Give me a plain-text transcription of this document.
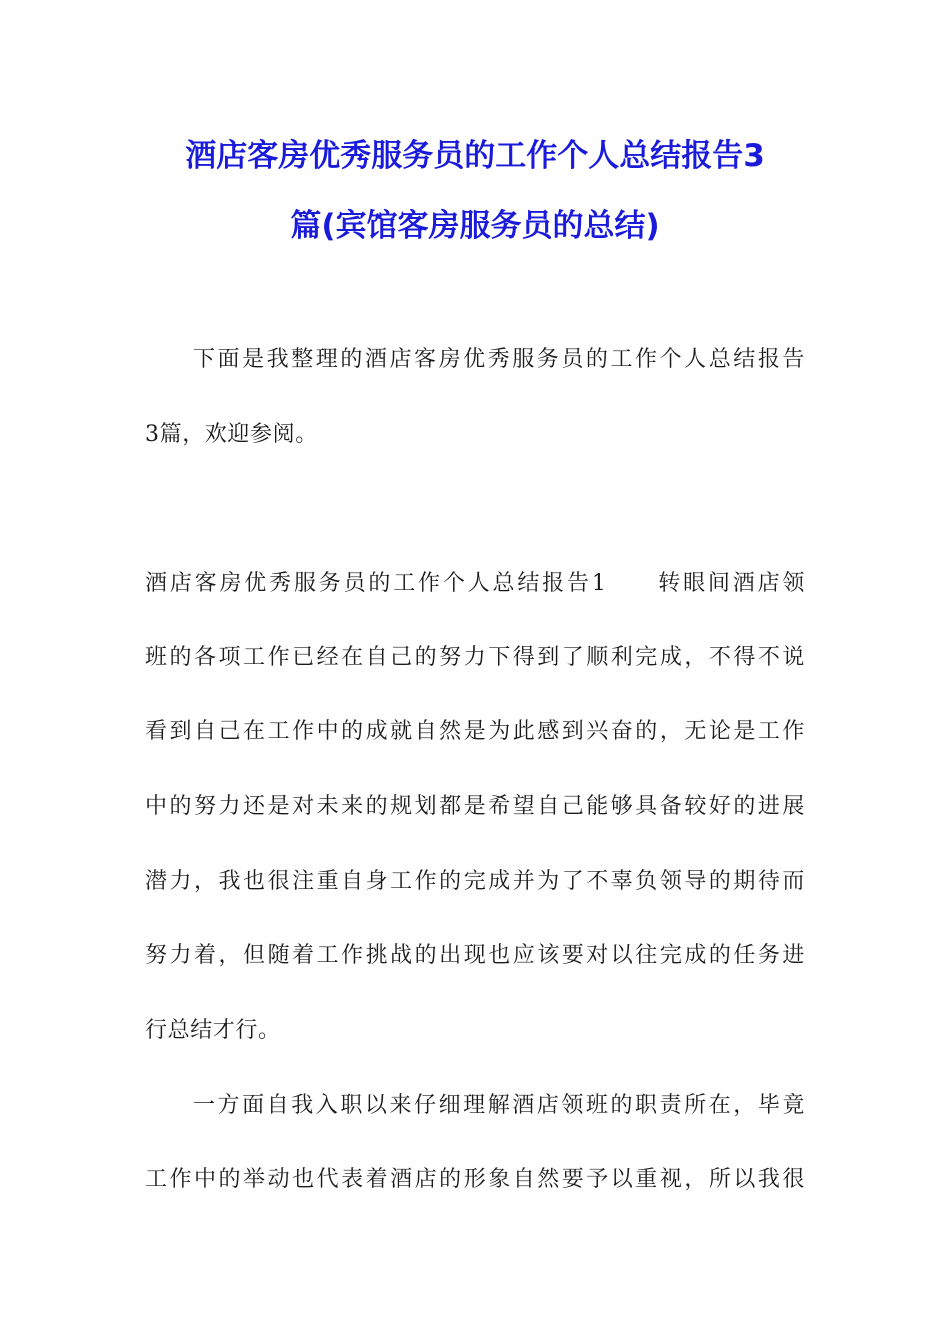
酒店客房优秀服务员的工作个人总结报告3
篇(宾馆客房服务员的总结)
下面是我整理的酒店客房优秀服务员的工作个人总结报告
3篇，欢迎参阅。
酒店客房优秀服务员的工作个人总结报告1　　转眼间酒店领
班的各项工作已经在自己的努力下得到了顺利完成，不得不说
看到自己在工作中的成就自然是为此感到兴奋的，无论是工作
中的努力还是对未来的规划都是希望自己能够具备较好的进展
潜力，我也很注重自身工作的完成并为了不辜负领导的期待而
努力着，但随着工作挑战的出现也应该要对以往完成的任务进
行总结才行。
一方面自我入职以来仔细理解酒店领班的职责所在，毕竟
工作中的举动也代表着酒店的形象自然要予以重视，所以我很
